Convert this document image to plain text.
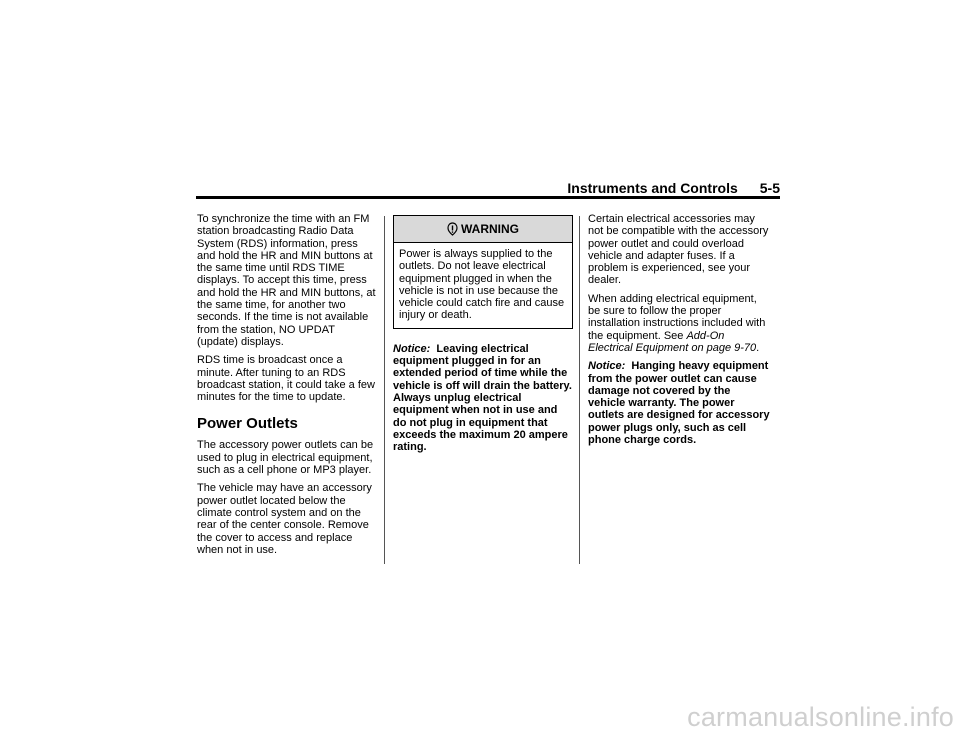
Instruments and Controls 5-5

To synchronize the time with an FM station broadcasting Radio Data System (RDS) information, press and hold the HR and MIN buttons at the same time until RDS TIME displays. To accept this time, press and hold the HR and MIN buttons, at the same time, for another two seconds. If the time is not available from the station, NO UPDAT (update) displays.

RDS time is broadcast once a minute. After tuning to an RDS broadcast station, it could take a few minutes for the time to update.

Power Outlets

The accessory power outlets can be used to plug in electrical equipment, such as a cell phone or MP3 player.

The vehicle may have an accessory power outlet located below the climate control system and on the rear of the center console. Remove the cover to access and replace when not in use.

WARNING
Power is always supplied to the outlets. Do not leave electrical equipment plugged in when the vehicle is not in use because the vehicle could catch fire and cause injury or death.

Notice: Leaving electrical equipment plugged in for an extended period of time while the vehicle is off will drain the battery. Always unplug electrical equipment when not in use and do not plug in equipment that exceeds the maximum 20 ampere rating.

Certain electrical accessories may not be compatible with the accessory power outlet and could overload vehicle and adapter fuses. If a problem is experienced, see your dealer.

When adding electrical equipment, be sure to follow the proper installation instructions included with the equipment. See Add-On Electrical Equipment on page 9-70.

Notice: Hanging heavy equipment from the power outlet can cause damage not covered by the vehicle warranty. The power outlets are designed for accessory power plugs only, such as cell phone charge cords.

carmanualsonline.info
